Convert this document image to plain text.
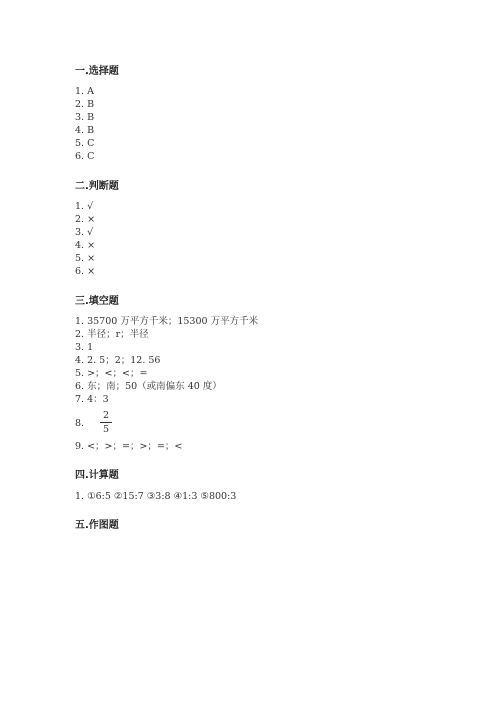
一.选择题
1. A
2. B
3. B
4. B
5. C
6. C
二.判断题
1. √
2. ×
3. √
4. ×
5. ×
6. ×
三.填空题
1. 35700 万平方千米；15300 万平方千米
2. 半径；r；半径
3. 1
4. 2. 5；2；12. 56
5. >；<；<；=
6. 东；南；50（或南偏东 40 度）
7. 4：3
8.
2
5
9. <；>；=；>；=；<
四.计算题
1. ①6:5 ②15:7 ③3:8 ④1:3 ⑤800:3
五.作图题
